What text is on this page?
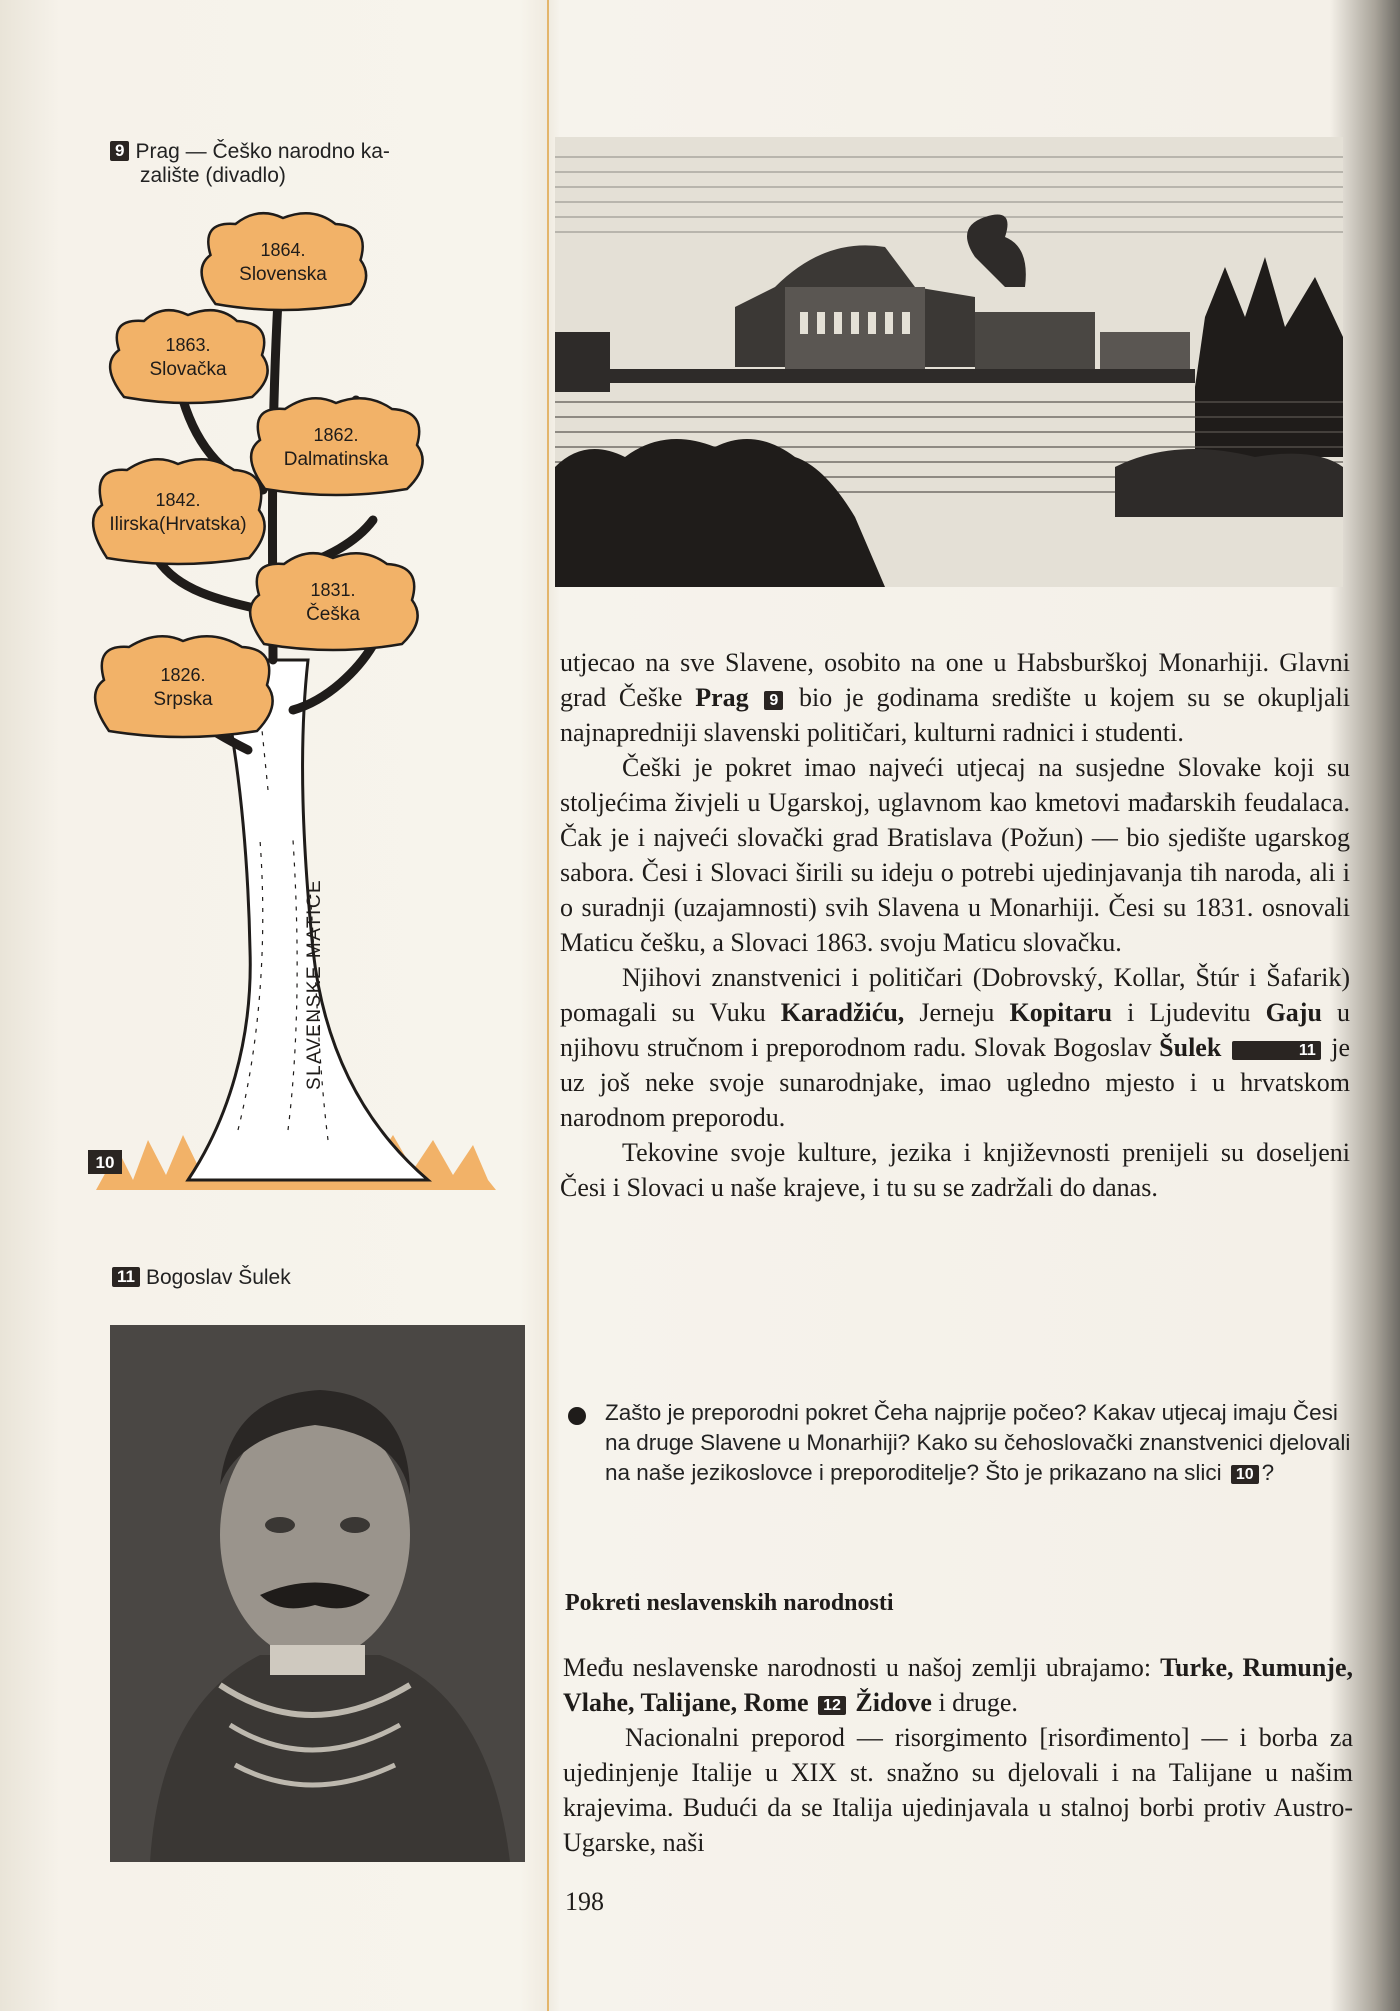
9 Prag — Češko narodno ka-
zalište (divadlo)
SLAVENSKE MATICE
10
1864.
Slovenska
1863.
Slovačka
1862.
Dalmatinska
1842.
Ilirska(Hrvatska)
1831.
Češka
1826.
Srpska
11 Bogoslav Šulek

utjecao na sve Slavene, osobito na one u Habsburškoj Monarhiji. Glavni grad Češke Prag 9 bio je godinama središte u kojem su se okupljali najnapredniji slavenski političari, kulturni radnici i studenti.

Češki je pokret imao najveći utjecaj na susjedne Slovake koji su stoljećima živjeli u Ugarskoj, uglavnom kao kmetovi mađarskih feudalaca. Čak je i najveći slovački grad Bratislava (Požun) — bio sjedište ugarskog sabora. Česi i Slovaci širili su ideju o potrebi ujedinjavanja tih naroda, ali i o suradnji (uzajamnosti) svih Slavena u Monarhiji. Česi su 1831. osnovali Maticu češku, a Slovaci 1863. svoju Maticu slovačku.

Njihovi znanstvenici i političari (Dobrovský, Kollar, Štúr i Šafarik) pomagali su Vuku Karadžiću, Jerneju Kopitaru i Ljudevitu Gaju u njihovu stručnom i preporodnom radu. Slovak Bogoslav Šulek	11 je uz još neke svoje sunarodnjake, imao ugledno mjesto i u hrvatskom narodnom preporodu.

Tekovine svoje kulture, jezika i književnosti prenijeli su doseljeni Česi i Slovaci u naše krajeve, i tu su se zadržali do danas.

Zašto je preporodni pokret Čeha najprije počeo? Kakav utjecaj imaju Česi na druge Slavene u Monarhiji? Kako su čehoslovački znanstvenici djelovali na naše jezikoslovce i preporoditelje? Što je prikazano na slici 10 ?
Pokreti neslavenskih narodnosti

Među neslavenske narodnosti u našoj zemlji ubrajamo: Turke, Rumunje, Vlahe, Talijane, Rome 12 Židove i druge.

Nacionalni preporod — risorgimento [risorđimento] — i borba za ujedinjenje Italije u XIX st. snažno su djelovali i na Talijane u našim krajevima. Budući da se Italija ujedinjavala u stalnoj borbi protiv Austro-Ugarske, naši

198
